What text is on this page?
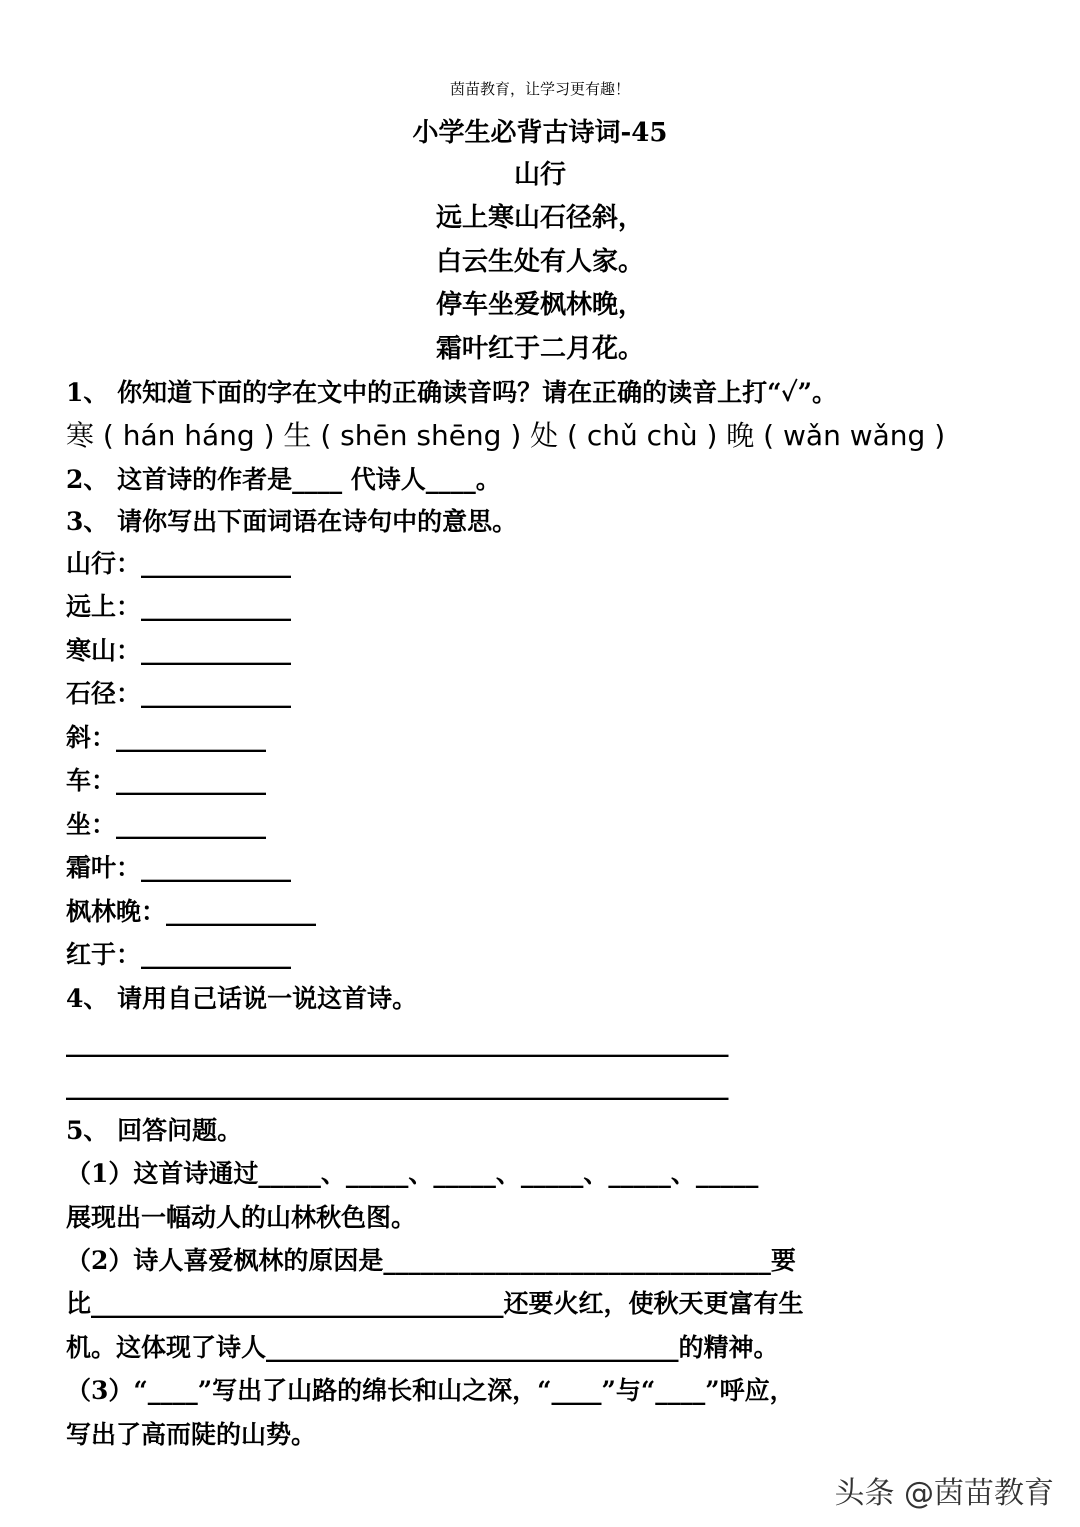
茵苗教育，让学习更有趣！
小学生必背古诗词-45
山行
远上寒山石径斜，
白云生处有人家。
停车坐爱枫林晚，
霜叶红于二月花。
1、 你知道下面的字在文中的正确读音吗？请在正确的读音上打“✓”。
寒 ( hán háng ) 生 ( shēn shēng ) 处 ( chǔ chù ) 晚 ( wǎn wǎng )
2、 这首诗的作者是____ 代诗人____。
3、 请你写出下面词语在诗句中的意思。
山行：____________
远上：____________
寒山：____________
石径：____________
斜：____________
车：____________
坐：____________
霜叶：____________
枫林晚：____________
红于：____________
4、 请用自己话说一说这首诗。
_____________________________________________________
_____________________________________________________
5、 回答问题。
（1）这首诗通过_____、_____、_____、_____、_____、_____
展现出一幅动人的山林秋色图。
（2）诗人喜爱枫林的原因是_______________________________要
比_________________________________还要火红，使秋天更富有生
机。这体现了诗人_________________________________的精神。
（3）“____”写出了山路的绵长和山之深，“____”与“____”呼应，
写出了高而陡的山势。
头条 @茵苗教育
